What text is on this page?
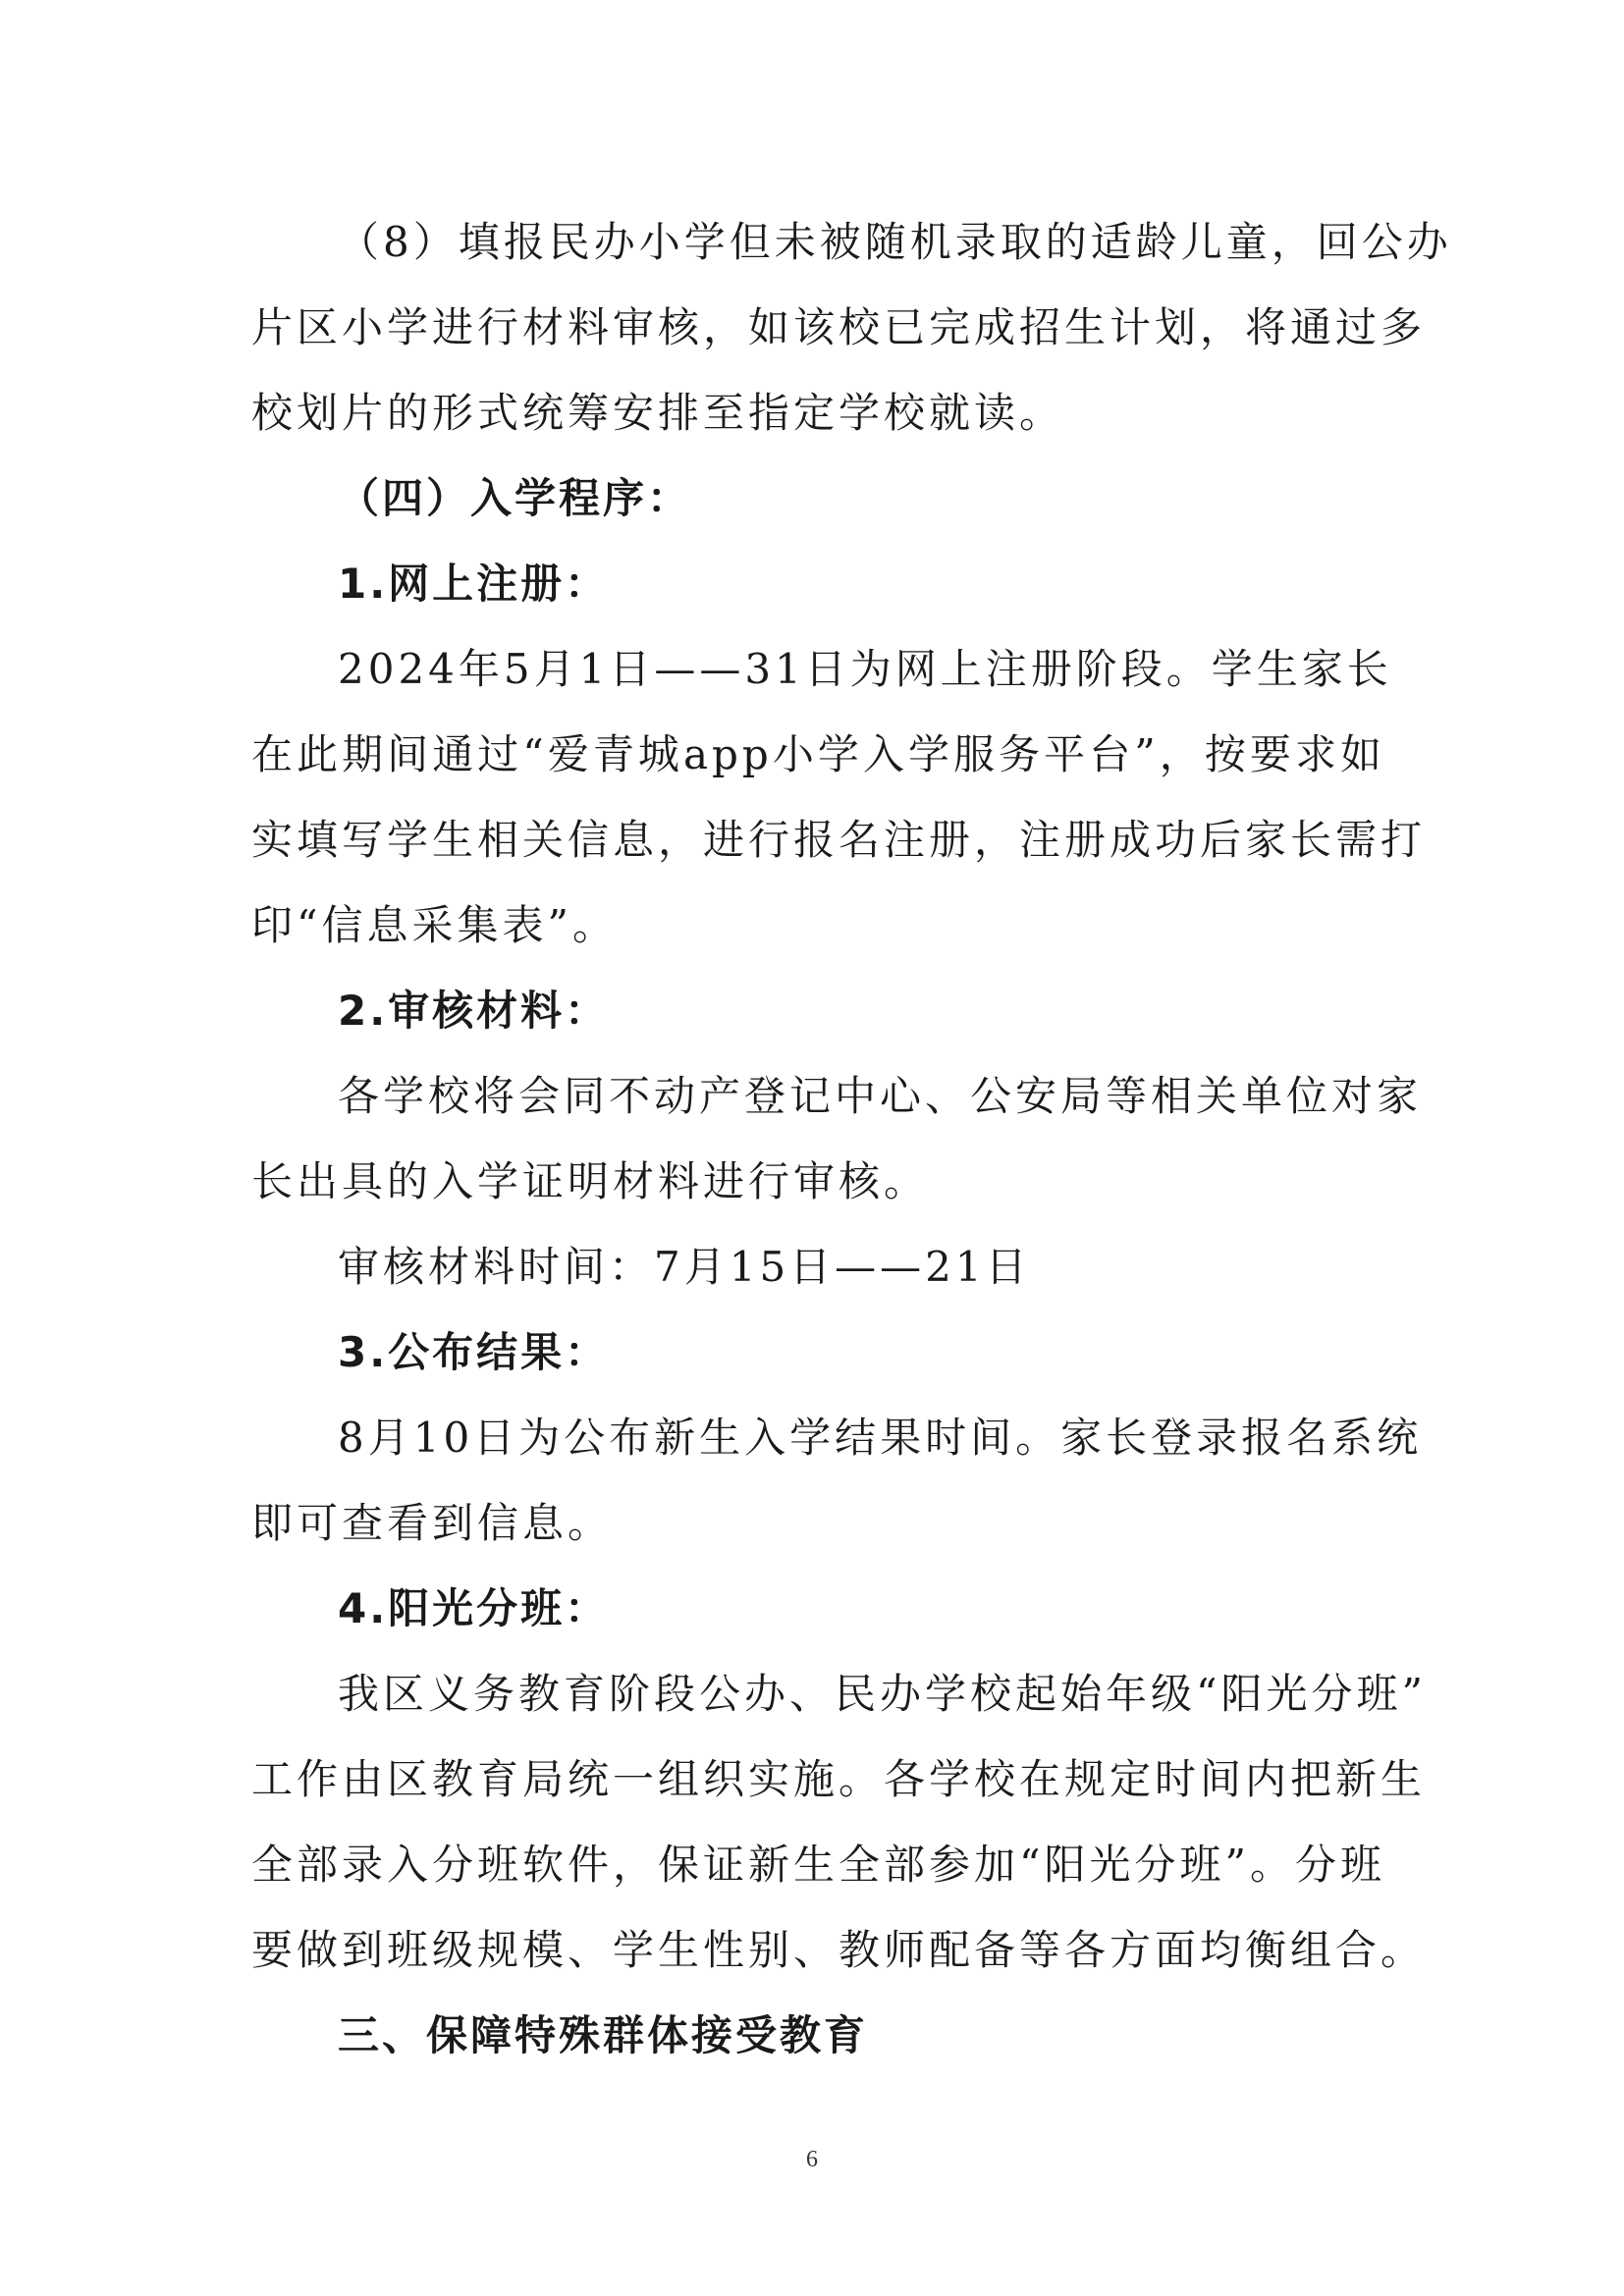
（8）填报民办小学但未被随机录取的适龄儿童，回公办
片区小学进行材料审核，如该校已完成招生计划，将通过多
校划片的形式统筹安排至指定学校就读。
（四）入学程序：
1.网上注册：
2024年5月1日——31日为网上注册阶段。学生家长
在此期间通过“爱青城app小学入学服务平台”，按要求如
实填写学生相关信息，进行报名注册，注册成功后家长需打
印“信息采集表”。
2.审核材料：
各学校将会同不动产登记中心、公安局等相关单位对家
长出具的入学证明材料进行审核。
审核材料时间：7月15日——21日
3.公布结果：
8月10日为公布新生入学结果时间。家长登录报名系统
即可查看到信息。
4.阳光分班：
我区义务教育阶段公办、民办学校起始年级“阳光分班”
工作由区教育局统一组织实施。各学校在规定时间内把新生
全部录入分班软件，保证新生全部参加“阳光分班”。分班
要做到班级规模、学生性别、教师配备等各方面均衡组合。
三、保障特殊群体接受教育
6
